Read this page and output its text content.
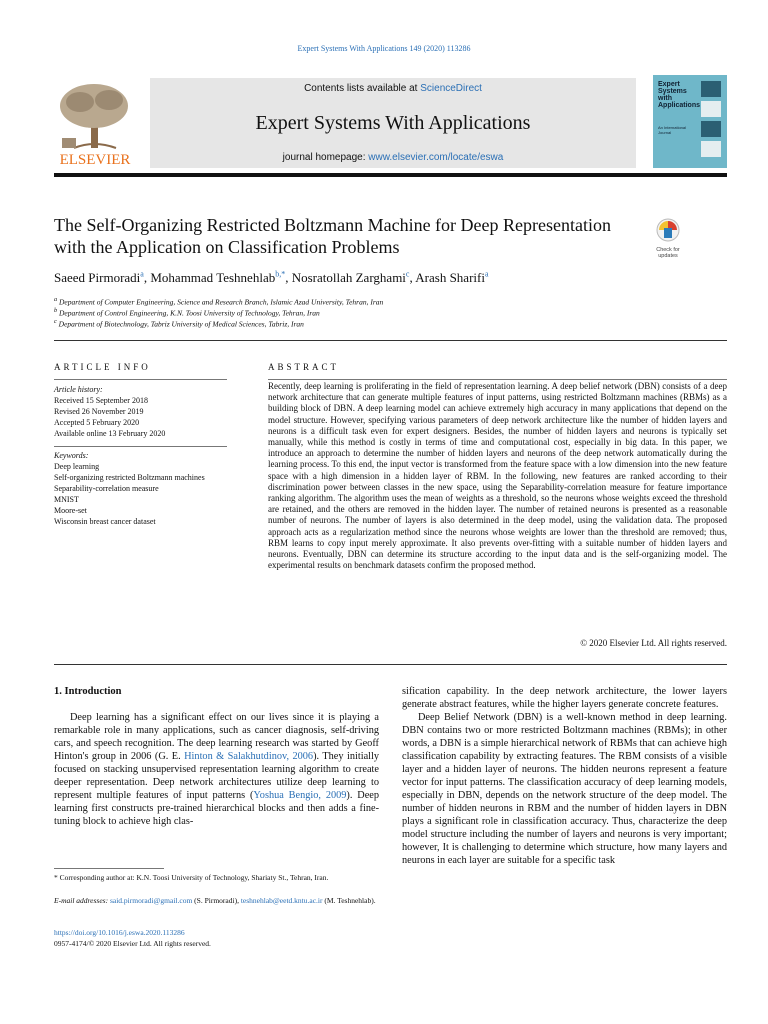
Expert Systems With Applications 149 (2020) 113286
ELSEVIER
Contents lists available at ScienceDirect
Expert Systems With Applications
journal homepage: www.elsevier.com/locate/eswa
Expert Systems with Applications
An International Journal
The Self-Organizing Restricted Boltzmann Machine for Deep Representation with the Application on Classification Problems	Check for updates
Saeed Pirmoradi$^a$, Mohammad Teshnehlab$^{b,*}$, Nosratollah Zarghami$^c$, Arash Sharifi$^a$
$^a$ Department of Computer Engineering, Science and Research Branch, Islamic Azad University, Tehran, Iran
$^b$ Department of Control Engineering, K.N. Toosi University of Technology, Tehran, Iran
$^c$ Department of Biotechnology, Tabriz University of Medical Sciences, Tabriz, Iran
ARTICLE INFO
Article history:
Received 15 September 2018
Revised 26 November 2019
Accepted 5 February 2020
Available online 13 February 2020
Keywords:
Deep learning
Self-organizing restricted Boltzmann machines
Separability-correlation measure
MNIST
Moore-set
Wisconsin breast cancer dataset
ABSTRACT
Recently, deep learning is proliferating in the field of representation learning. A deep belief network (DBN) consists of a deep network architecture that can generate multiple features of input patterns, using restricted Boltzmann machines (RBMs) as a building block of DBN. A deep learning model can achieve extremely high accuracy in many applications that depend on the model structure. However, specifying various parameters of deep network architecture like the number of hidden layers and neurons is a difficult task even for expert designers. Besides, the number of hidden layers and neurons is typically set manually, while this method is costly in terms of time and computational cost, especially in big data. In this paper, we introduce an approach to determine the number of hidden layers and neurons of the deep network automatically during the learning process. To this end, the input vector is transformed from the feature space with a low dimension into the new feature space with a high dimension in a hidden layer of RBM. In the following, new features are ranked according to their discrimination power between classes in the new space, using the Separability-correlation measure for feature importance ranking algorithm. The algorithm uses the mean of weights as a threshold, so the neurons whose weights exceed the threshold are retained, and the others are removed in the hidden layer. The number of retained neurons is presented as a reasonable number of neurons. The number of layers is also determined in the deep model, using the validation data. The proposed approach acts as a regularization method since the neurons whose weights are lower than the threshold are removed; thus, RBM learns to copy input merely approximate. It also prevents over-fitting with a suitable number of hidden layers and neurons. Eventually, DBN can determine its structure according to the input data and is the self-organizing model. The experimental results on benchmark datasets confirm the proposed method.
© 2020 Elsevier Ltd. All rights reserved.
1. Introduction

Deep learning has a significant effect on our lives since it is playing a remarkable role in many applications, such as cancer diagnosis, self-driving cars, and speech recognition. The deep learning research was started by Geoff Hinton's group in 2006 (G. E. Hinton & Salakhutdinov, 2006). They initially focused on stacking unsupervised representation learning algorithm to create deeper representation. Deep network architectures utilize deep learning to represent multiple features of input patterns (Yoshua Bengio, 2009). Deep learning first constructs pre-trained hierarchical blocks and then adds a fine-tuning block to achieve high clas-

sification capability. In the deep network architecture, the lower layers generate abstract features, while the higher layers generate concrete features.

Deep Belief Network (DBN) is a well-known method in deep learning. DBN contains two or more restricted Boltzmann machines (RBMs); in other words, a DBN is a simple hierarchical network of RBMs that can achieve high classification capability by extracting features. The RBM consists of a visible layer and a hidden layer of neurons. The hidden neurons represent a feature vector for input patterns. The classification accuracy of deep learning models, especially in DBN, depends on the network structure of the deep model. The number of hidden neurons in RBM and the number of hidden layers in DBN plays a significant role in classification accuracy. Thus, characterize the deep model structure including the number of layers and neurons is very important; however, It is challenging to determine which structure, how many layers and neurons in each layer are suitable for a specific task

* Corresponding author at: K.N. Toosi University of Technology, Shariaty St., Tehran, Iran.
E-mail addresses: said.pirmoradi@gmail.com (S. Pirmoradi), teshnehlab@eetd.kntu.ac.ir (M. Teshnehlab).
https://doi.org/10.1016/j.eswa.2020.113286
0957-4174/© 2020 Elsevier Ltd. All rights reserved.
